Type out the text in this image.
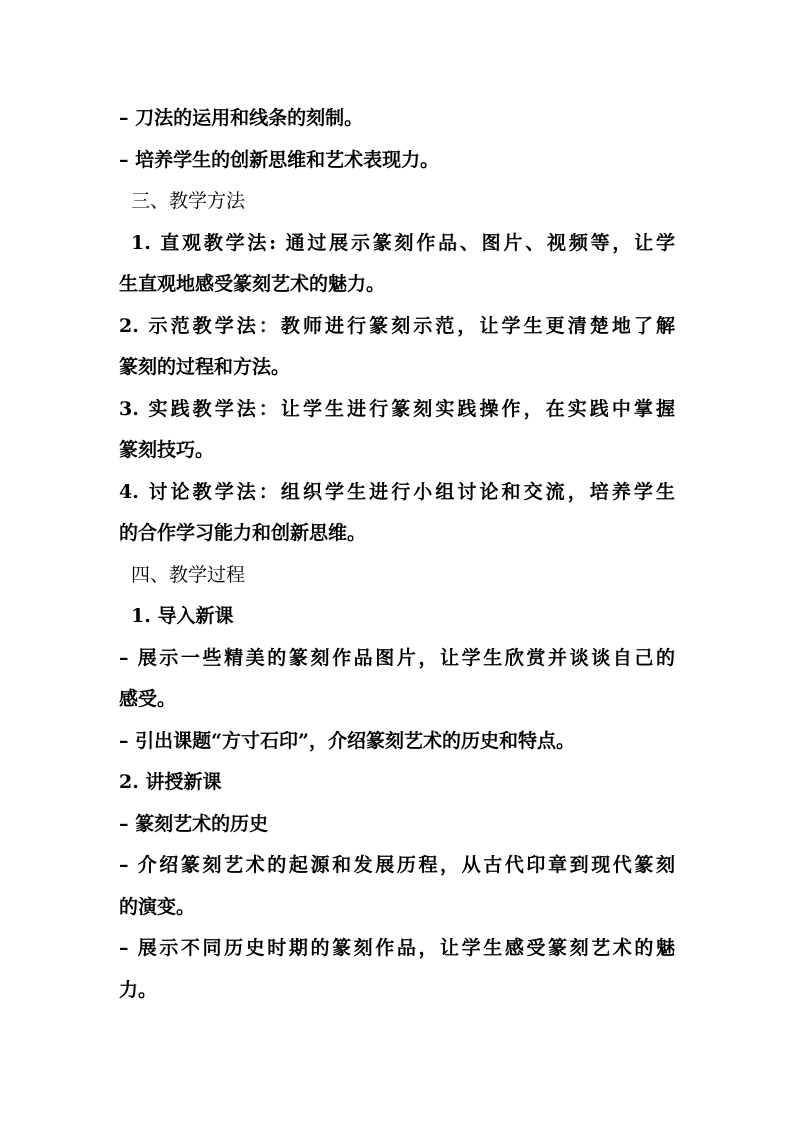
– 刀法的运用和线条的刻制。
– 培养学生的创新思维和艺术表现力。
三、教学方法
1. 直观教学法: 通过展示篆刻作品、图片、视频等，让学
生直观地感受篆刻艺术的魅力。
2. 示范教学法：教师进行篆刻示范，让学生更清楚地了解
篆刻的过程和方法。
3. 实践教学法：让学生进行篆刻实践操作，在实践中掌握
篆刻技巧。
4. 讨论教学法：组织学生进行小组讨论和交流，培养学生
的合作学习能力和创新思维。
四、教学过程
1. 导入新课
– 展示一些精美的篆刻作品图片，让学生欣赏并谈谈自己的
感受。
– 引出课题“方寸石印”，介绍篆刻艺术的历史和特点。
2. 讲授新课
– 篆刻艺术的历史
– 介绍篆刻艺术的起源和发展历程，从古代印章到现代篆刻
的演变。
– 展示不同历史时期的篆刻作品，让学生感受篆刻艺术的魅
力。
